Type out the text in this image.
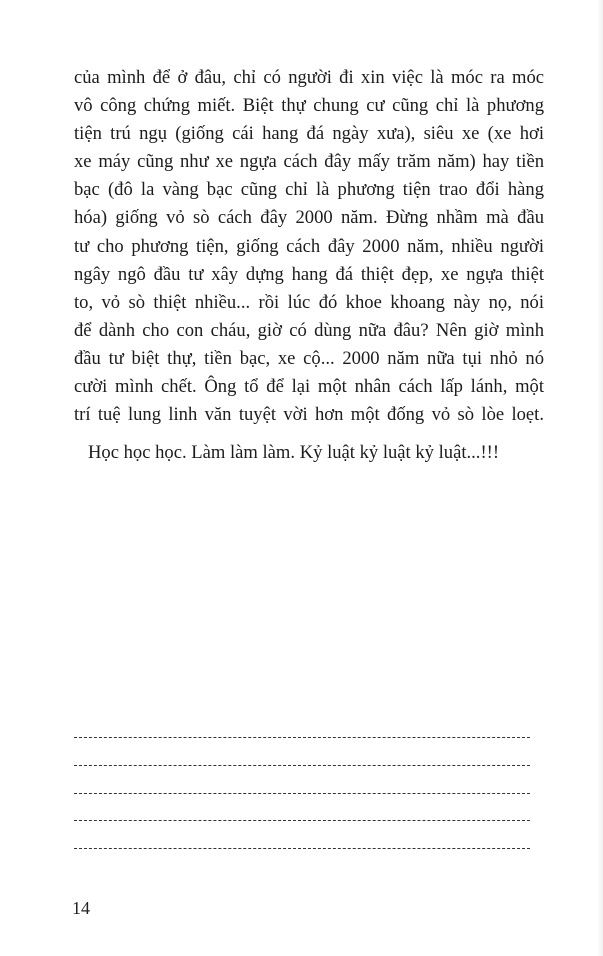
của mình để ở đâu, chỉ có người đi xin việc là móc ra móc
vô công chứng miết. Biệt thự chung cư cũng chỉ là phương
tiện trú ngụ (giống cái hang đá ngày xưa), siêu xe (xe hơi
xe máy cũng như xe ngựa cách đây mấy trăm năm) hay tiền
bạc (đô la vàng bạc cũng chỉ là phương tiện trao đổi hàng
hóa) giống vỏ sò cách đây 2000 năm. Đừng nhầm mà đầu
tư cho phương tiện, giống cách đây 2000 năm, nhiều người
ngây ngô đầu tư xây dựng hang đá thiệt đẹp, xe ngựa thiệt
to, vỏ sò thiệt nhiều... rồi lúc đó khoe khoang này nọ, nói
để dành cho con cháu, giờ có dùng nữa đâu? Nên giờ mình
đầu tư biệt thự, tiền bạc, xe cộ... 2000 năm nữa tụi nhỏ nó
cười mình chết. Ông tổ để lại một nhân cách lấp lánh, một
trí tuệ lung linh văn tuyệt vời hơn một đống vỏ sò lòe loẹt.
Học học học. Làm làm làm. Kỷ luật kỷ luật kỷ luật...!!!
14
